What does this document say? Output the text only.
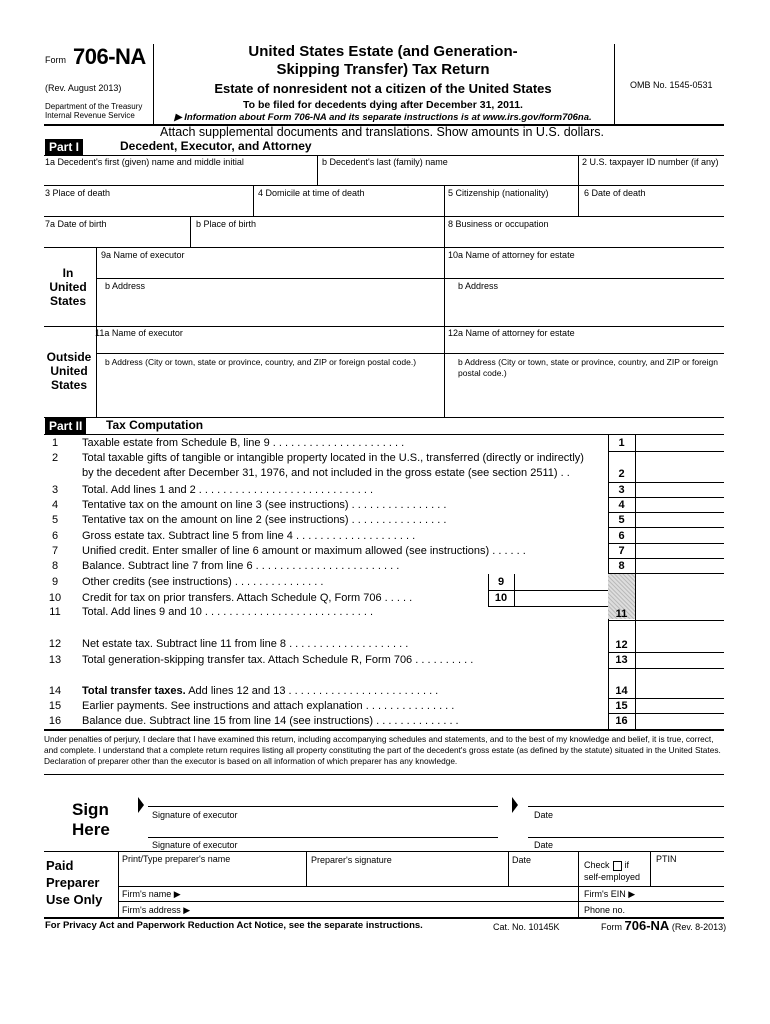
Form 706-NA
(Rev. August 2013)
Department of the Treasury
Internal Revenue Service
United States Estate (and Generation-
Skipping Transfer) Tax Return
Estate of nonresident not a citizen of the United States
To be filed for decedents dying after December 31, 2011.
▶ Information about Form 706-NA and its separate instructions is at www.irs.gov/form706na.
OMB No. 1545-0531
Attach supplemental documents and translations. Show amounts in U.S. dollars.
Part I	Decedent, Executor, and Attorney
1a Decedent's first (given) name and middle initial	b Decedent's last (family) name	2 U.S. taxpayer ID number (if any)
3 Place of death	4 Domicile at time of death	5 Citizenship (nationality)	6 Date of death
7a Date of birth	b Place of birth	8 Business or occupation
In
United
States
9a Name of executor	10a Name of attorney for estate
b Address	b Address
Outside
United
States
11a Name of executor	12a Name of attorney for estate
b Address (City or town, state or province, country, and ZIP or foreign postal code.)	b Address (City or town, state or province, country, and ZIP or foreign postal code.)
Part II	Tax Computation
1	Taxable estate from Schedule B, line 9 . . . . . . . . . . . . . . . . . . . . . .	1
2	Total taxable gifts of tangible or intangible property located in the U.S., transferred (directly or indirectly)
by the decedent after December 31, 1976, and not included in the gross estate (see section 2511) . .	2
3	Total. Add lines 1 and 2 . . . . . . . . . . . . . . . . . . . . . . . . . . . . .	3
4	Tentative tax on the amount on line 3 (see instructions) . . . . . . . . . . . . . . . .	4
5	Tentative tax on the amount on line 2 (see instructions) . . . . . . . . . . . . . . . .	5
6	Gross estate tax. Subtract line 5 from line 4 . . . . . . . . . . . . . . . . . . . .	6
7	Unified credit. Enter smaller of line 6 amount or maximum allowed (see instructions) . . . . . .	7
8	Balance. Subtract line 7 from line 6 . . . . . . . . . . . . . . . . . . . . . . . .	8
9	Other credits (see instructions) . . . . . . . . . . . . . . .	9
10	Credit for tax on prior transfers. Attach Schedule Q, Form 706 . . . . .	10
11	Total. Add lines 9 and 10 . . . . . . . . . . . . . . . . . . . . . . . . . . . .	11
12	Net estate tax. Subtract line 11 from line 8 . . . . . . . . . . . . . . . . . . . .	12
13	Total generation-skipping transfer tax. Attach Schedule R, Form 706 . . . . . . . . . .	13
14	Total transfer taxes. Add lines 12 and 13 . . . . . . . . . . . . . . . . . . . . . . . . .	14
15	Earlier payments. See instructions and attach explanation . . . . . . . . . . . . . . .	15
16	Balance due. Subtract line 15 from line 14 (see instructions) . . . . . . . . . . . . . .	16
Under penalties of perjury, I declare that I have examined this return, including accompanying schedules and statements, and to the best of my knowledge and belief, it is true, correct, and complete. I understand that a complete return requires listing all property constituting the part of the decedent's gross estate (as defined by the statute) situated in the United States. Declaration of preparer other than the executor is based on all information of which preparer has any knowledge.
Sign
Here
Signature of executor	Date
Signature of executor	Date
Paid
Preparer
Use Only
Print/Type preparer's name	Preparer's signature	Date	Check if
self-employed
PTIN
Firm's name ▶	Firm's EIN ▶
Firm's address ▶	Phone no.
For Privacy Act and Paperwork Reduction Act Notice, see the separate instructions.	Cat. No. 10145K	Form 706-NA (Rev. 8-2013)
